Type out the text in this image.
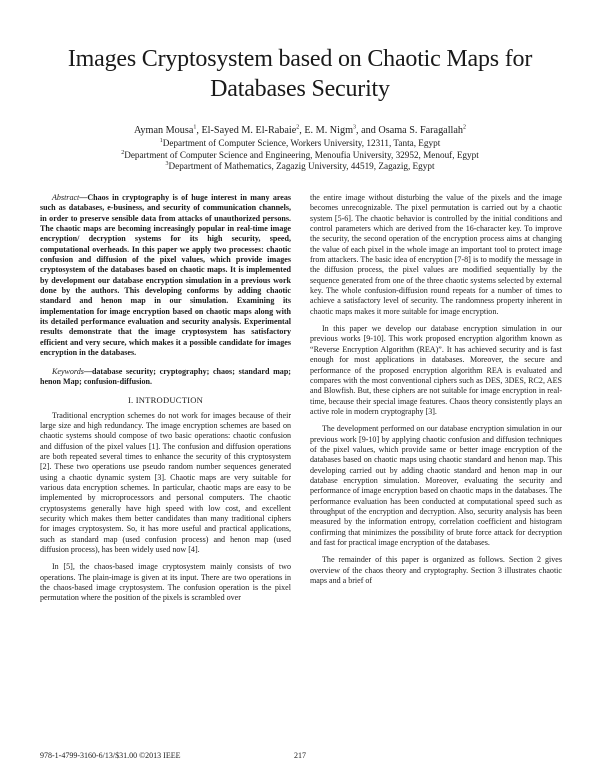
Images Cryptosystem based on Chaotic Maps for
Databases Security
Ayman Mousa$^1$, El-Sayed M. El-Rabaie$^2$, E. M. Nigm$^3$, and Osama S. Faragallah$^2$
$^1$Department of Computer Science, Workers University, 12311, Tanta, Egypt
$^2$Department of Computer Science and Engineering, Menoufia University, 32952, Menouf, Egypt
$^3$Department of Mathematics, Zagazig University, 44519, Zagazig, Egypt

Abstract—Chaos in cryptography is of huge interest in many areas such as databases, e-business, and security of communication channels, in order to preserve sensible data from attacks of unauthorized persons. The chaotic maps are becoming increasingly popular in real-time image encryption/ decryption systems for its high security, speed, computational overheads. In this paper we apply two processes: chaotic confusion and diffusion of the pixel values, which provide images cryptosystem of the databases based on chaotic maps. It is implemented by development our database encryption simulation in a previous work done by the authors. This developing conforms by adding chaotic standard and henon map in our simulation. Examining its implementation for image encryption based on chaotic maps along with its detailed performance evaluation and security analysis. Experimental results demonstrate that the image cryptosystem has satisfactory efficient and very secure, which makes it a possible candidate for images encryption in the databases.

Keywords—database security; cryptography; chaos; standard map; henon Map; confusion-diffusion.

I. INTRODUCTION

Traditional encryption schemes do not work for images because of their large size and high redundancy. The image encryption schemes are based on chaotic systems should compose of two basic operations: chaotic confusion and diffusion of the pixel values [1]. The confusion and diffusion operations are both repeated several times to enhance the security of this cryptosystem [2]. These two operations use pseudo random number sequences generated using a chaotic dynamic system [3]. Chaotic maps are very suitable for various data encryption schemes. In particular, chaotic maps are easy to be implemented by microprocessors and personal computers. The chaotic cryptosystems generally have high speed with low cost, and excellent security which makes them better candidates than many traditional ciphers for images cryptosystem. So, it has more useful and practical applications, such as standard map (used confusion process) and henon map (used diffusion process), has been widely used now [4].

In [5], the chaos-based image cryptosystem mainly consists of two operations. The plain-image is given at its input. There are two operations in the chaos-based image cryptosystem. The confusion operation is the pixel permutation where the position of the pixels is scrambled over

the entire image without disturbing the value of the pixels and the image becomes unrecognizable. The pixel permutation is carried out by a chaotic system [5-6]. The chaotic behavior is controlled by the initial conditions and control parameters which are derived from the 16-character key. To improve the security, the second operation of the encryption process aims at changing the value of each pixel in the whole image an important tool to protect image from attackers. The basic idea of encryption [7-8] is to modify the message in the diffusion process, the pixel values are modified sequentially by the sequence generated from one of the three chaotic systems selected by external key. The whole confusion-diffusion round repeats for a number of times to achieve a satisfactory level of security. The randomness property inherent in chaotic maps makes it more suitable for image encryption.

In this paper we develop our database encryption simulation in our previous works [9-10]. This work proposed encryption algorithm known as “Reverse Encryption Algorithm (REA)”. It has achieved security and is fast enough for most applications in databases. Moreover, the secure and performance of the proposed encryption algorithm REA is evaluated and compares with the most conventional ciphers such as DES, 3DES, RC2, AES and Blowfish. But, these ciphers are not suitable for image encryption in real-time, because their special image features. Chaos theory consistently plays an active role in modern cryptography [3].

The development performed on our database encryption simulation in our previous work [9-10] by applying chaotic confusion and diffusion techniques of the pixel values, which provide same or better image encryption of the databases based on chaotic maps using chaotic standard and henon map. This developing carried out by adding chaotic standard and henon map in our database encryption simulation. Moreover, evaluating the security and performance of image encryption based on chaotic maps in the databases. The performance evaluation has been conducted at computational speed such as throughput of the encryption and decryption. Also, security analysis has been measured by the information entropy, correlation coefficient and histogram confirming that minimizes the possibility of brute force attack for decryption and fast for practical image encryption of the databases.

The remainder of this paper is organized as follows. Section 2 gives overview of the chaos theory and cryptography. Section 3 illustrates chaotic maps and a brief of

978-1-4799-3160-6/13/$31.00 ©2013 IEEE	217
